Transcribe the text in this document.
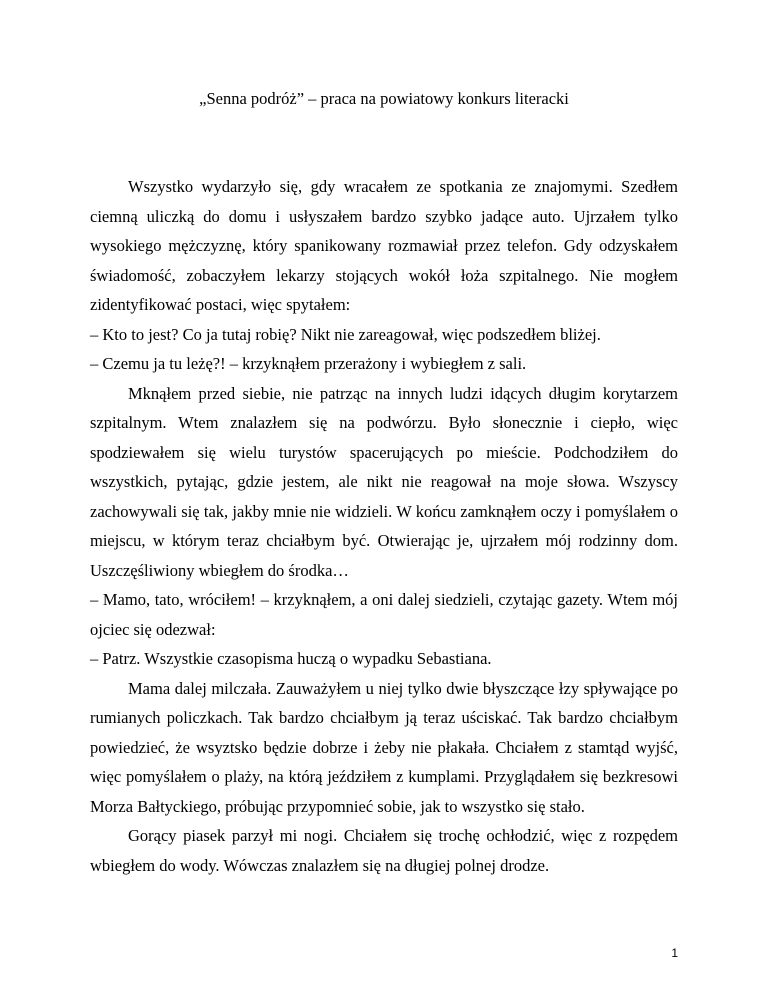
„Senna podróż” – praca na powiatowy konkurs literacki

Wszystko wydarzyło się, gdy wracałem ze spotkania ze znajomymi. Szedłem ciemną uliczką do domu i usłyszałem bardzo szybko jadące auto. Ujrzałem tylko wysokiego mężczyznę, który spanikowany rozmawiał przez telefon. Gdy odzyskałem świadomość, zobaczyłem lekarzy stojących wokół łoża szpitalnego. Nie mogłem zidentyfikować postaci, więc spytałem:

– Kto to jest? Co ja tutaj robię? Nikt nie zareagował, więc podszedłem bliżej.

– Czemu ja tu leżę?! – krzyknąłem przerażony i wybiegłem z sali.

Mknąłem przed siebie, nie patrząc na innych ludzi idących długim korytarzem szpitalnym. Wtem znalazłem się na podwórzu. Było słonecznie i ciepło, więc spodziewałem się wielu turystów spacerujących po mieście. Podchodziłem do wszystkich, pytając, gdzie jestem, ale nikt nie reagował na moje słowa. Wszyscy zachowywali się tak, jakby mnie nie widzieli. W końcu zamknąłem oczy i pomyślałem o miejscu, w którym teraz chciałbym być. Otwierając je, ujrzałem mój rodzinny dom. Uszczęśliwiony wbiegłem do środka…

– Mamo, tato, wróciłem! – krzyknąłem, a oni dalej siedzieli, czytając gazety. Wtem mój ojciec się odezwał:

– Patrz. Wszystkie czasopisma huczą o wypadku Sebastiana.

Mama dalej milczała. Zauważyłem u niej tylko dwie błyszczące łzy spływające po rumianych policzkach. Tak bardzo chciałbym ją teraz uściskać. Tak bardzo chciałbym powiedzieć, że wsyztsko będzie dobrze i żeby nie płakała. Chciałem z stamtąd wyjść, więc pomyślałem o plaży, na którą jeździłem z kumplami. Przyglądałem się bezkresowi Morza Bałtyckiego, próbując przypomnieć sobie, jak to wszystko się stało.

Gorący piasek parzył mi nogi. Chciałem się trochę ochłodzić, więc z rozpędem wbiegłem do wody. Wówczas znalazłem się na długiej polnej drodze.

1
